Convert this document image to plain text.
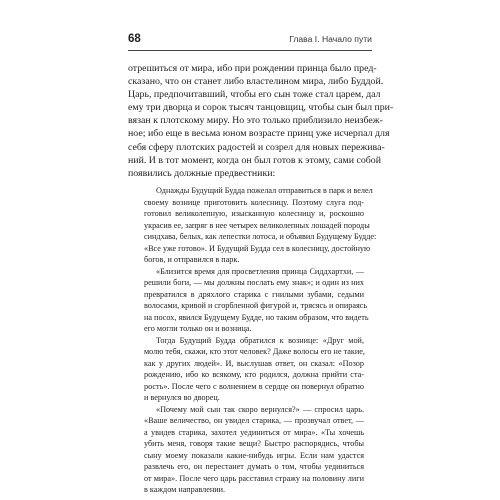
68	Глава I. Начало пути
отрешиться от мира, ибо при рождении принца было пред-
сказано, что он станет либо властелином мира, либо Буддой.
Царь, предпочитавший, чтобы его сын тоже стал царем, дал
ему три дворца и сорок тысяч танцовщиц, чтобы сын был при-
вязан к плотскому миру. Но это только приблизило неизбеж-
ное; ибо еще в весьма юном возрасте принц уже исчерпал для
себя сферу плотских радостей и созрел для новых пережива-
ний. И в тот момент, когда он был готов к этому, сами собой
появились должные предвестники:
Однажды Будущий Будда пожелал отправиться в парк и велел
своему вознице приготовить колесницу. Поэтому слуга под-
готовил великолепную, изысканную колесницу и, роскошно
украсив ее, запряг в нее четырех великолепных лошадей породы
синдхава, белых, как лепестки лотоса, и объявил Будущему Будде:
«Все уже готово». И Будущий Будда сел в колесницу, достойную
богов, и отправился в парк.
«Близится время для просветления принца Сиддхартхи, —
решили боги, — мы должны послать ему знак»; и один из них
превратился в дряхлого старика с гнилыми зубами, седыми
волосами, кривой и сгорбленной фигурой и, трясясь и опираясь
на посох, явился Будущему Будде, но таким образом, что видеть
его могли только он и возница.
Тогда Будущий Будда обратился к вознице: «Друг мой,
молю тебя, скажи, кто этот человек? Даже волосы его не такие,
как у других людей». И, выслушав ответ, он сказал: «Позор
рождению, ибо ко всякому, кто родился, должна прийти ста-
рость». После чего с волнением в сердце он повернул обратно
и вернулся во дворец.
«Почему мой сын так скоро вернулся?» — спросил царь.
«Ваше величество, он увидел старика, — прозвучал ответ, —
а увидев старика, захотел уединиться от мира». «Ты хочешь
убить меня, говоря такие вещи? Быстро распорядись, чтобы
сыну моему показали какие-нибудь игры. Если нам удастся
развлечь его, он перестанет думать о том, чтобы уединиться
от мира». После чего царь расставил стражу на половину лиги
в каждом направлении.
